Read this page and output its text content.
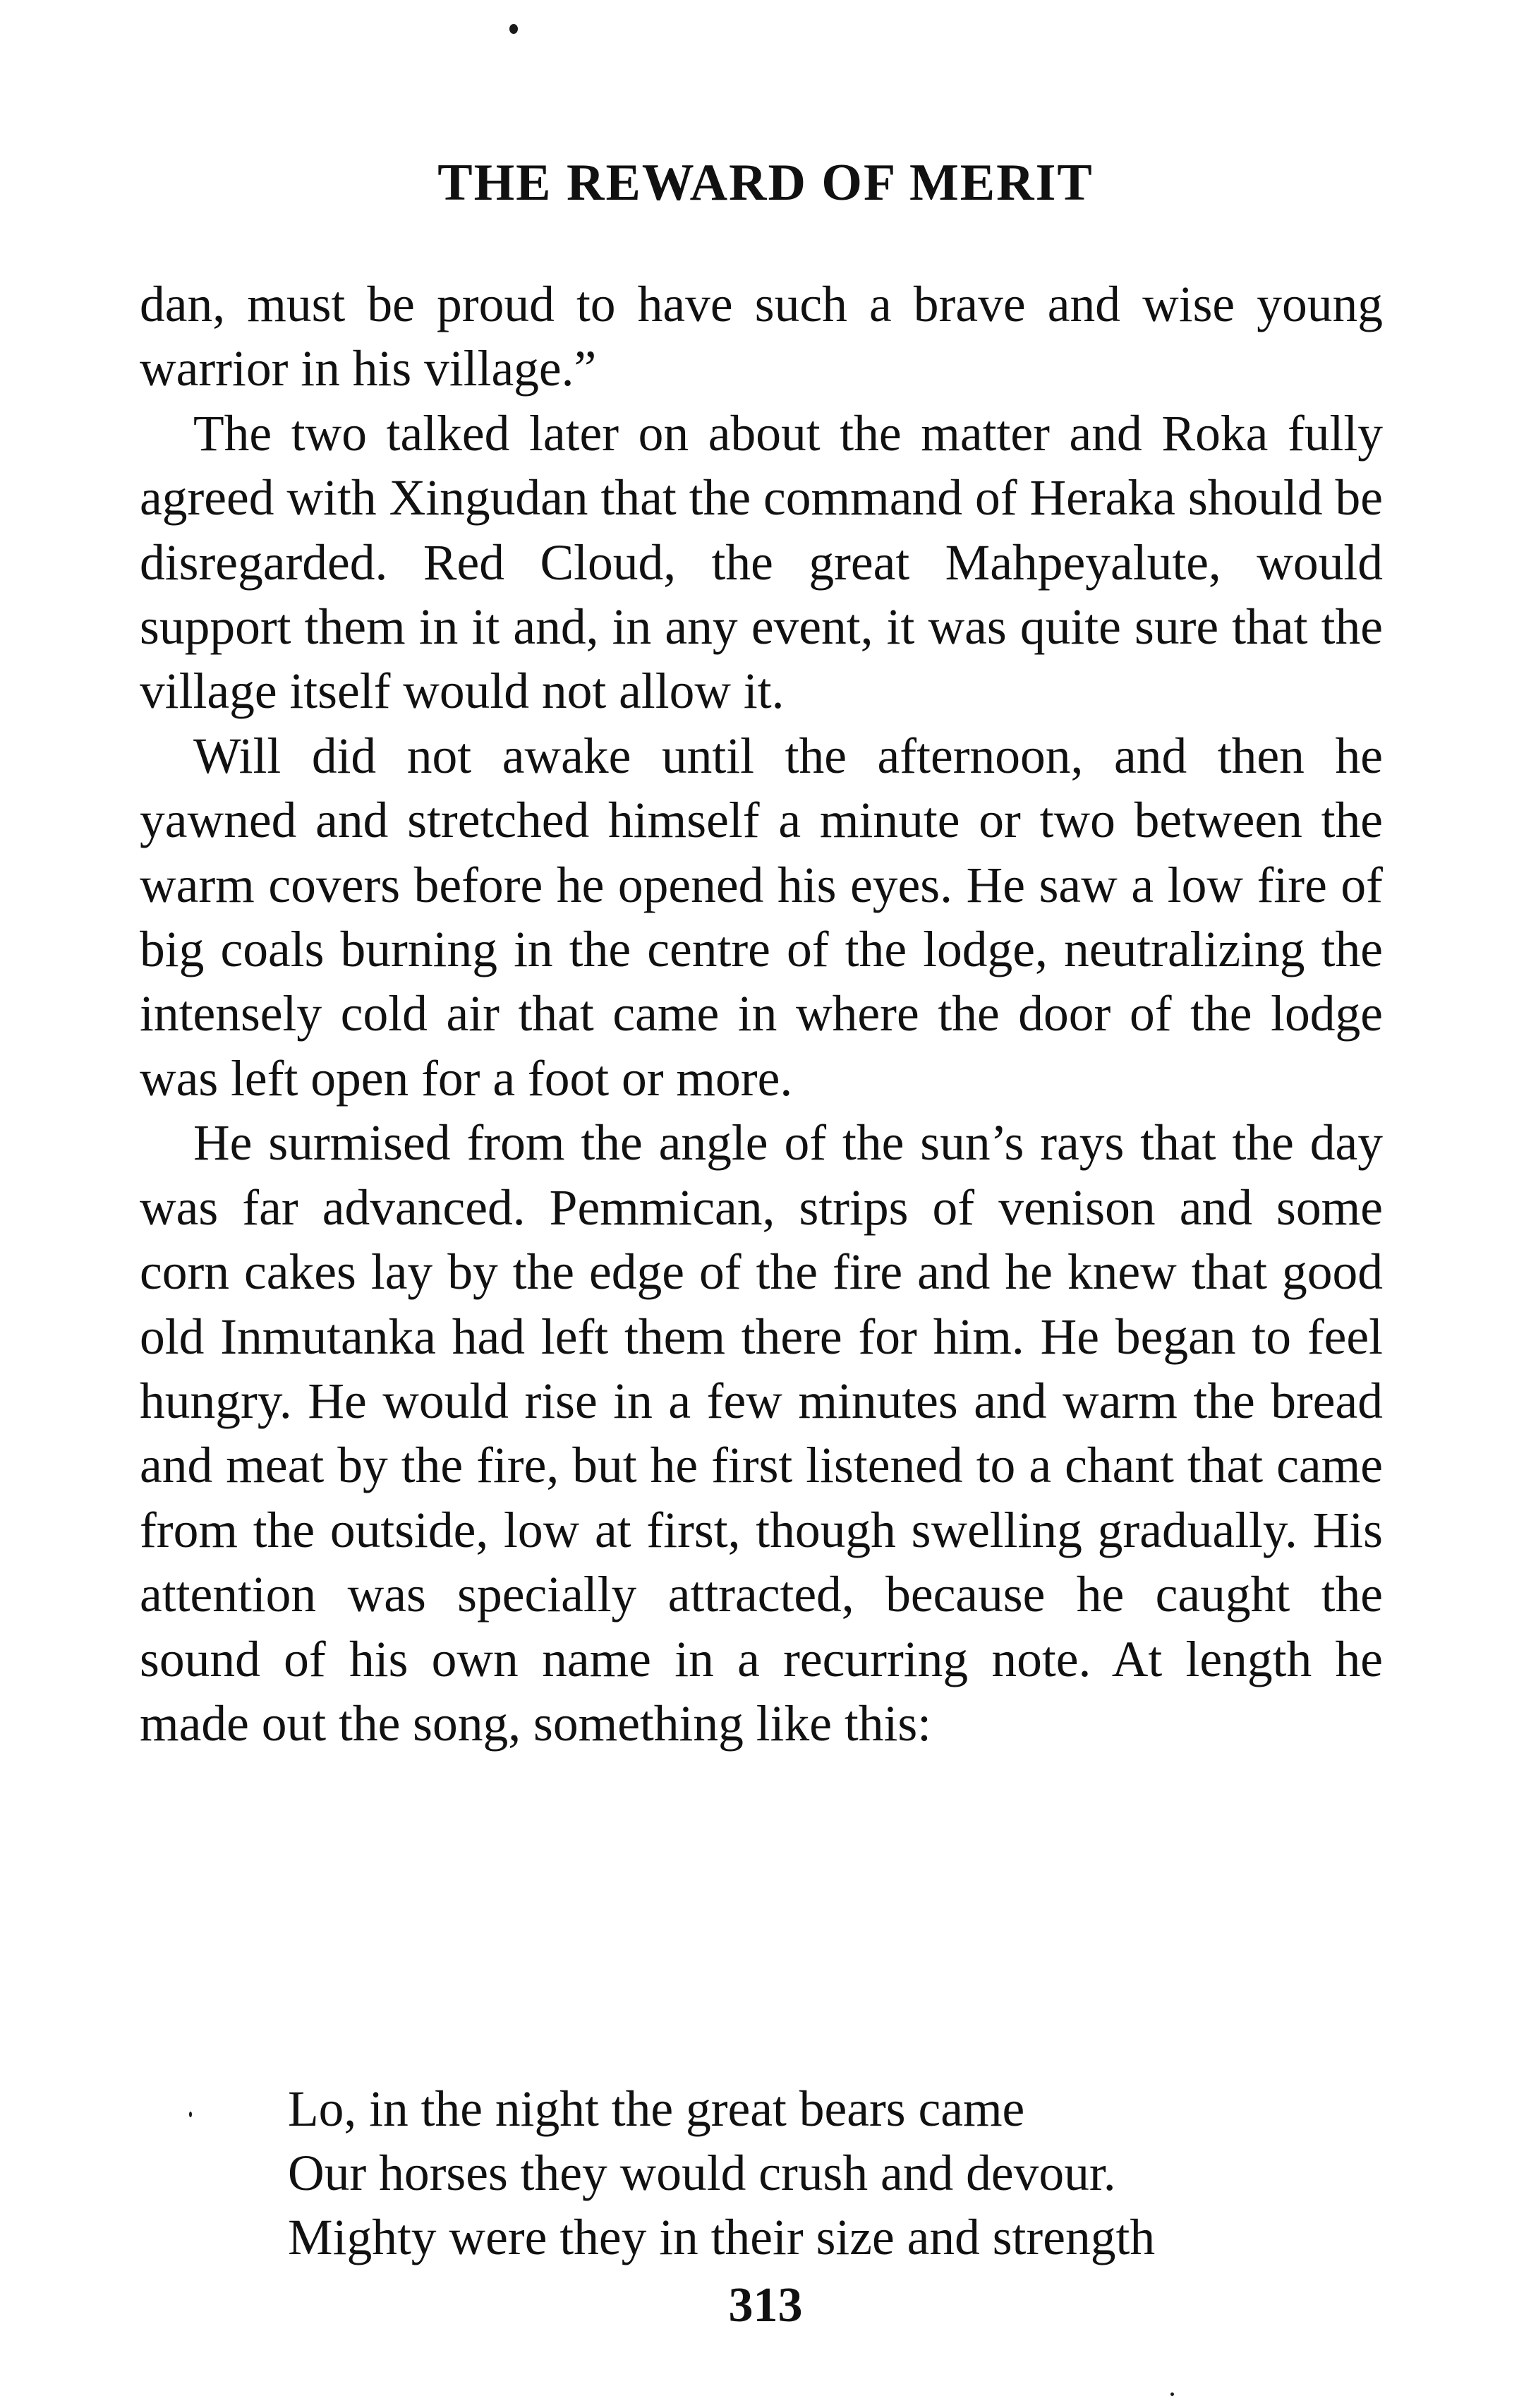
THE REWARD OF MERIT

dan, must be proud to have such a brave and wise young warrior in his village.”

The two talked later on about the matter and Roka fully agreed with Xingudan that the command of Heraka should be disregarded. Red Cloud, the great Mahpeyalute, would support them in it and, in any event, it was quite sure that the village itself would not allow it.

Will did not awake until the afternoon, and then he yawned and stretched himself a minute or two between the warm covers before he opened his eyes. He saw a low fire of big coals burning in the centre of the lodge, neutralizing the intensely cold air that came in where the door of the lodge was left open for a foot or more.

He surmised from the angle of the sun’s rays that the day was far advanced. Pemmican, strips of venison and some corn cakes lay by the edge of the fire and he knew that good old Inmutanka had left them there for him. He began to feel hungry. He would rise in a few minutes and warm the bread and meat by the fire, but he first listened to a chant that came from the outside, low at first, though swelling gradually. His attention was specially attracted, because he caught the sound of his own name in a recurring note. At length he made out the song, something like this:

Lo, in the night the great bears came
Our horses they would crush and devour.
Mighty were they in their size and strength
313
